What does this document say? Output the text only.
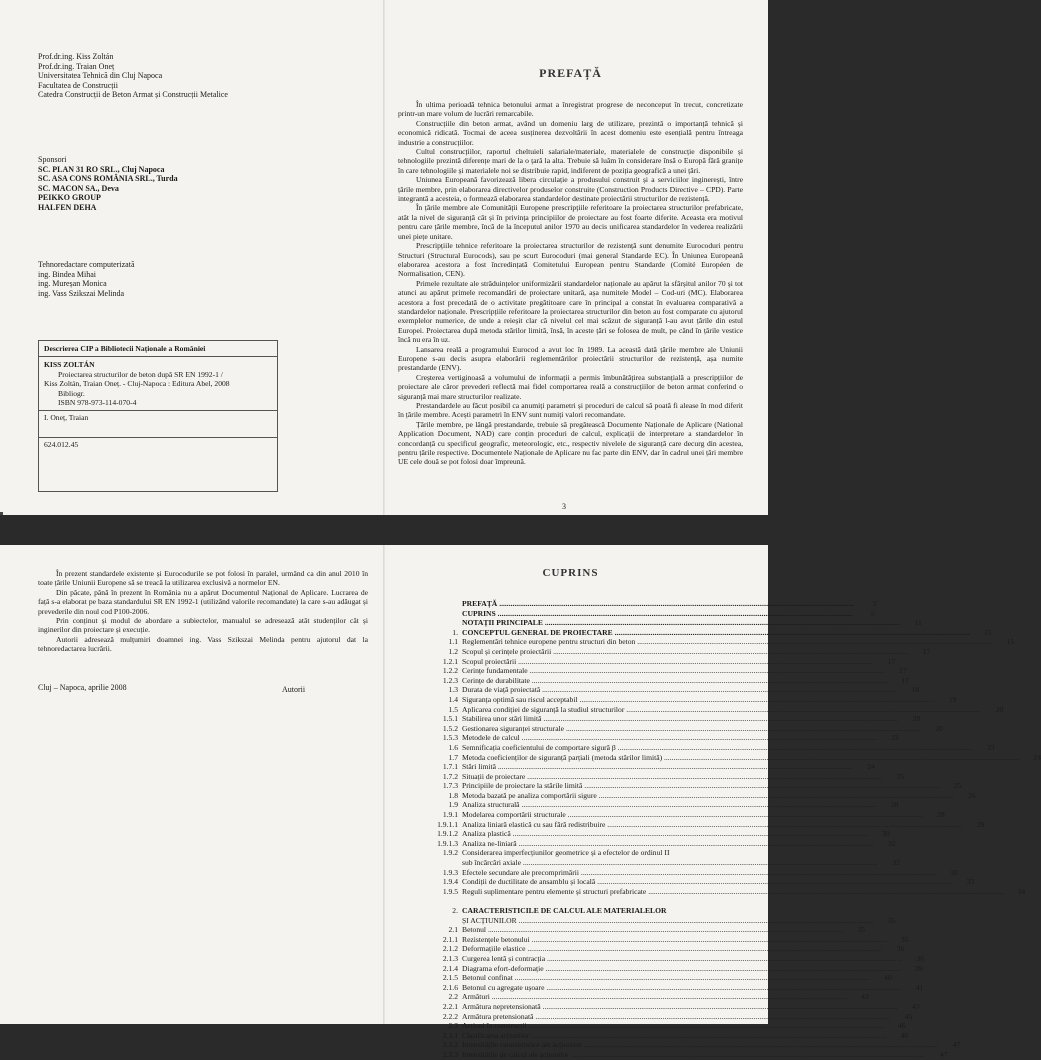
Prof.dr.ing. Kiss Zoltán
Prof.dr.ing. Traian Oneț
Universitatea Tehnică din Cluj Napoca
Facultatea de Construcții
Catedra Construcții de Beton Armat și Construcții Metalice
Sponsori
SC. PLAN 31 RO SRL., Cluj Napoca
SC. ASA CONS ROMÂNIA SRL., Turda
SC. MACON SA., Deva
PEIKKO GROUP
HALFEN DEHA
Tehnoredactare computerizată
ing. Bindea Mihai
ing. Mureșan Monica
ing. Vass Szikszai Melinda
Descrierea CIP a Bibliotecii Naționale a României
KISS ZOLTÁN
Proiectarea structurilor de beton după SR EN 1992-1 /
Kiss Zoltán, Traian Oneț. - Cluj-Napoca : Editura Abel, 2008
Bibliogr.
ISBN 978-973-114-070-4
I. Oneț, Traian
624.012.45
PREFAȚĂ

În ultima perioadă tehnica betonului armat a înregistrat progrese de neconceput în trecut, concretizate printr-un mare volum de lucrări remarcabile.

Construcțiile din beton armat, având un domeniu larg de utilizare, prezintă o importanță tehnică și economică ridicată. Tocmai de aceea susținerea dezvoltării în acest domeniu este esențială pentru întreaga industrie a construcțiilor.

Cultul construcțiilor, raportul cheltuieli salariale/materiale, materialele de construcție disponibile și tehnologiile prezintă diferențe mari de la o țară la alta. Trebuie să luăm în considerare însă o Europă fără granițe în care tehnologiile și materialele noi se distribuie rapid, indiferent de poziția geografică a unei țări.

Uniunea Europeană favorizează libera circulație a produsului construit și a serviciilor inginerești, între țările membre, prin elaborarea directivelor produselor construite (Construction Products Directive – CPD). Parte integrantă a acesteia, o formează elaborarea standardelor destinate proiectării structurilor de rezistență.

În țările membre ale Comunității Europene prescripțiile referitoare la proiectarea structurilor prefabricate, atât la nivel de siguranță cât și în privința principiilor de proiectare au fost foarte diferite. Aceasta era motivul pentru care țările membre, încă de la începutul anilor 1970 au decis unificarea standardelor în vederea realizării unei piețe unitare.

Prescripțiile tehnice referitoare la proiectarea structurilor de rezistență sunt denumite Eurocoduri pentru Structuri (Structural Eurocods), sau pe scurt Eurocoduri (mai general Standarde EC). În Uniunea Europeană elaborarea acestora a fost încredințată Comitetului European pentru Standarde (Comité Européen de Normalisation, CEN).

Primele rezultate ale străduințelor uniformizării standardelor naționale au apărut la sfârșitul anilor 70 și tot atunci au apărut primele recomandări de proiectare unitară, așa numitele Model – Cod-uri (MC). Elaborarea acestora a fost precedată de o activitate pregătitoare care în principal a constat în evaluarea comparativă a standardelor naționale. Prescripțiile referitoare la proiectarea structurilor din beton au fost comparate cu ajutorul exemplelor numerice, de unde a reieșit clar că nivelul cel mai scăzut de siguranță l-au avut țările din estul Europei. Proiectarea după metoda stărilor limită, însă, în aceste țări se folosea de mult, pe când în țările vestice încă nu era în uz.

Lansarea reală a programului Eurocod a avut loc în 1989. La această dată țările membre ale Uniunii Europene s-au decis asupra elaborării reglementărilor proiectării structurilor de rezistență, așa numite prestandarde (ENV).

Creșterea vertiginoasă a volumului de informații a permis îmbunătățirea substanțială a prescripțiilor de proiectare ale căror prevederi reflectă mai fidel comportarea reală a construcțiilor de beton armat conferind o siguranță mai mare structurilor realizate.

Prestandardele au făcut posibil ca anumiți parametri și proceduri de calcul să poată fi alease în mod diferit în țările membre. Acești parametri în ENV sunt numiți valori recomandate.

Țările membre, pe lângă prestandarde, trebuie să pregătească Documente Naționale de Aplicare (National Application Document, NAD) care conțin proceduri de calcul, explicații de interpretare a standardelor în concordanță cu specificul geografic, meteorologic, etc., respectiv nivelele de siguranță care decurg din acestea, pentru țările respective. Documentele Naționale de Aplicare nu fac parte din ENV, dar în cadrul unei țări membre UE cele două se pot folosi doar împreună.

3

În prezent standardele existente și Eurocodurile se pot folosi în paralel, urmând ca din anul 2010 în toate țările Uniunii Europene să se treacă la utilizarea exclusivă a normelor EN.

Din păcate, până în prezent în România nu a apărut Documentul Național de Aplicare. Lucrarea de față s-a elaborat pe baza standardului SR EN 1992-1 (utilizând valorile recomandate) la care s-au adăugat și prevederile din noul cod P100-2006.

Prin conținut și modul de abordare a subiectelor, manualul se adresează atât studenților cât și inginerilor din proiectare și execuție.

Autorii adresează mulțumiri doamnei ing. Vass Szikszai Melinda pentru ajutorul dat la tehnoredactarea lucrării.

Cluj – Napoca, aprilie 2008	Autorii
CUPRINS
PREFAȚĂ .....	3
CUPRINS .....	5
NOTAȚII PRINCIPALE .....	11
1. CONCEPTUL GENERAL DE PROIECTARE .....	15
1.1 Reglementări tehnice europene pentru structuri din beton .....	15
1.2 Scopul și cerințele proiectării .....	17
1.2.1 Scopul proiectării .....	17
1.2.2 Cerințe fundamentale .....	17
1.2.3 Cerințe de durabilitate .....	17
1.3 Durata de viață proiectată .....	18
1.4 Siguranța optimă sau riscul acceptabil .....	19
1.5 Aplicarea condiției de siguranță la studiul structurilor .....	20
1.5.1 Stabilirea unor stări limită .....	20
1.5.2 Gestionarea siguranței structurale .....	20
1.5.3 Metodele de calcul .....	22
1.6 Semnificația coeficientului de comportare sigură β .....	23
1.7 Metoda coeficienților de siguranță parțiali (metoda stărilor limită) .....	24
1.7.1 Stări limită .....	24
1.7.2 Situații de proiectare .....	25
1.7.3 Principiile de proiectare la stările limită .....	25
1.8 Metoda bazată pe analiza comportării sigure .....	26
1.9 Analiza structurală .....	28
1.9.1 Modelarea comportării structurale .....	28
1.9.1.1 Analiza liniară elastică cu sau fără redistribuire .....	29
1.9.1.2 Analiza plastică .....	30
1.9.1.3 Analiza ne-liniară .....	32
1.9.2 Considerarea imperfecțiunilor geometrice și a efectelor de ordinul II
sub încărcări axiale .....	32
1.9.3 Efectele secundare ale precomprimării .....	32
1.9.4 Condiții de ductilitate de ansamblu și locală .....	33
1.9.5 Reguli suplimentare pentru elemente și structuri prefabricate .....	34
2. CARACTERISTICILE DE CALCUL ALE MATERIALELOR
ȘI ACȚIUNILOR .....	35
2.1 Betonul .....	35
2.1.1 Rezistențele betonului .....	35
2.1.2 Deformațiile elastice .....	36
2.1.3 Curgerea lentă și contracția .....	36
2.1.4 Diagrama efort-deformație .....	39
2.1.5 Betonul confinat .....	40
2.1.6 Betonul cu agregate ușoare .....	41
2.2 Armături .....	43
2.2.1 Armătura nepretensionată .....	43
2.2.2 Armătura pretensionată .....	45
2.3 Acțiuni în construcții .....	46
2.3.1 Clasificarea acțiunilor .....	46
2.3.2 Intensitățile caracteristice ale acțiunilor .....	47
2.3.3 Intensitățile de calcul ale acțiunilor .....	47
